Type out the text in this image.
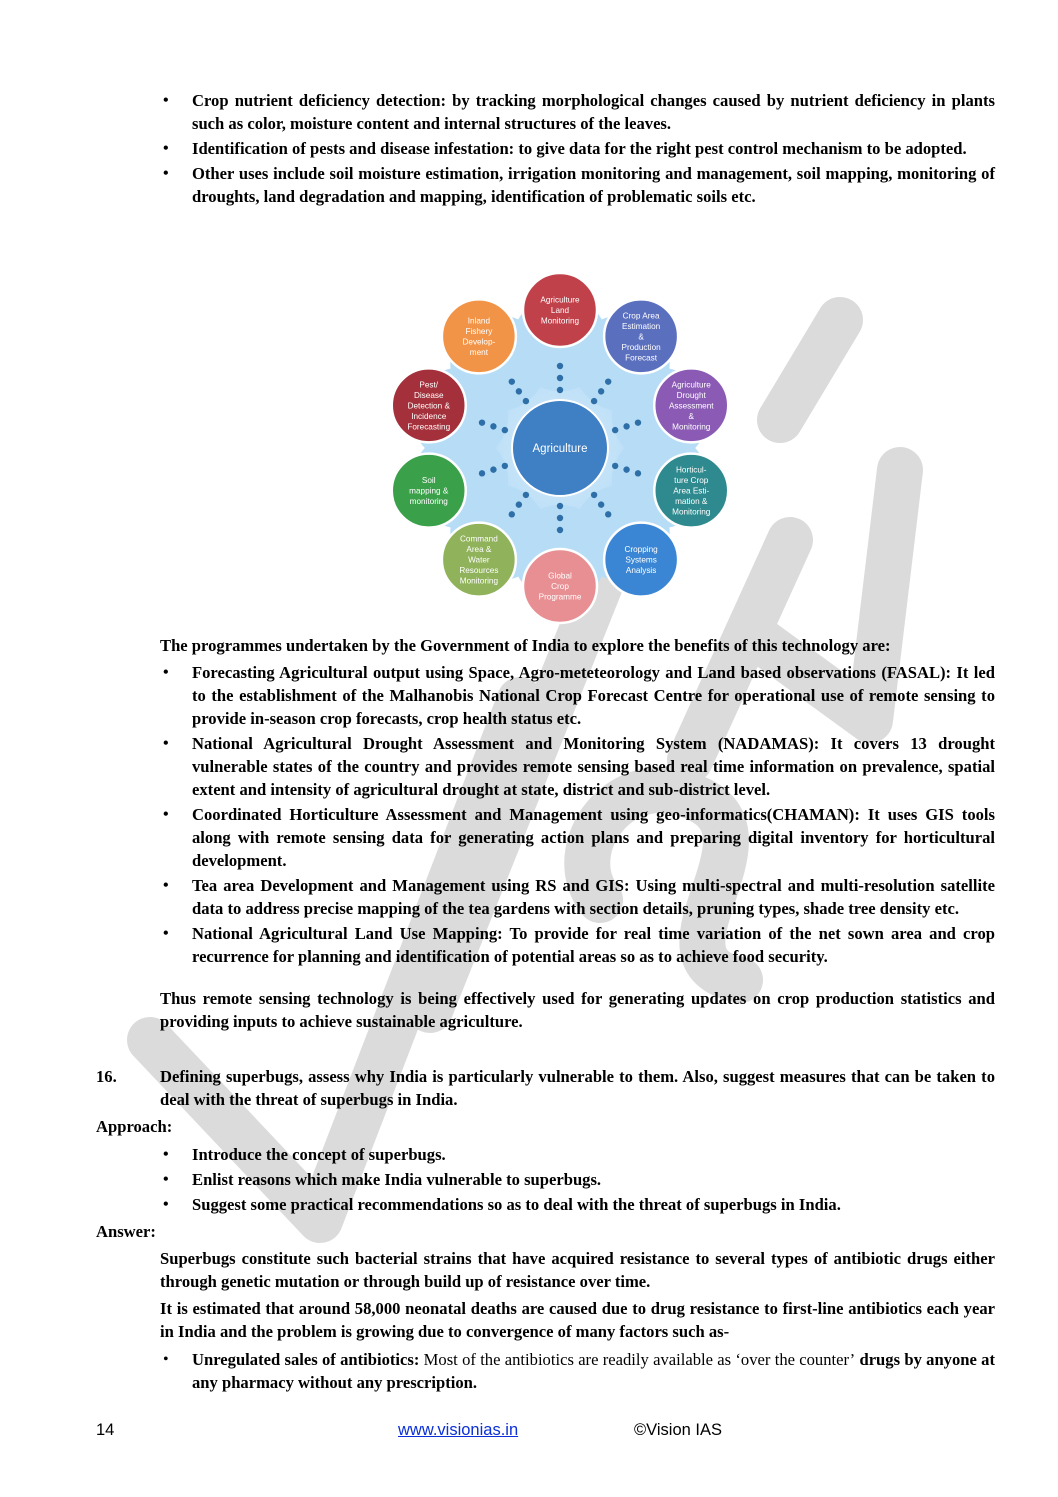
• Crop nutrient deficiency detection: by tracking morphological changes caused by nutrient deficiency in plants such as color, moisture content and internal structures of the leaves.
• Identification of pests and disease infestation: to give data for the right pest control mechanism to be adopted.
• Other uses include soil moisture estimation, irrigation monitoring and management, soil mapping, monitoring of droughts, land degradation and mapping, identification of problematic soils etc.
Agriculture
Agriculture
Land
Monitoring
Crop Area
Estimation
&
Production
Forecast
Agriculture
Drought
Assessment
&
Monitoring
Horticul-
ture Crop
Area Esti-
mation &
Monitoring
Cropping
Systems
Analysis
Global
Crop
Programme
Command
Area &
Water
Resources
Monitoring
Soil
mapping &
monitoring
Pest/
Disease
Detection &
Incidence
Forecasting
Inland
Fishery
Develop-
ment
The programmes undertaken by the Government of India to explore the benefits of this technology are:
• Forecasting Agricultural output using Space, Agro-meteteorology and Land based observations (FASAL): It led to the establishment of the Malhanobis National Crop Forecast Centre for operational use of remote sensing to provide in-season crop forecasts, crop health status etc.
• National Agricultural Drought Assessment and Monitoring System (NADAMAS): It covers 13 drought vulnerable states of the country and provides remote sensing based real time information on prevalence, spatial extent and intensity of agricultural drought at state, district and sub-district level.
• Coordinated Horticulture Assessment and Management using geo-informatics(CHAMAN): It uses GIS tools along with remote sensing data for generating action plans and preparing digital inventory for horticultural development.
• Tea area Development and Management using RS and GIS: Using multi-spectral and multi-resolution satellite data to address precise mapping of the tea gardens with section details, pruning types, shade tree density etc.
• National Agricultural Land Use Mapping: To provide for real time variation of the net sown area and crop recurrence for planning and identification of potential areas so as to achieve food security.
Thus remote sensing technology is being effectively used for generating updates on crop production statistics and providing inputs to achieve sustainable agriculture.
16.	Defining superbugs, assess why India is particularly vulnerable to them. Also, suggest measures that can be taken to deal with the threat of superbugs in India.
Approach:
• Introduce the concept of superbugs.
• Enlist reasons which make India vulnerable to superbugs.
• Suggest some practical recommendations so as to deal with the threat of superbugs in India.
Answer:
Superbugs constitute such bacterial strains that have acquired resistance to several types of antibiotic drugs either through genetic mutation or through build up of resistance over time.
It is estimated that around 58,000 neonatal deaths are caused due to drug resistance to first-line antibiotics each year in India and the problem is growing due to convergence of many factors such as-
• Unregulated sales of antibiotics: Most of the antibiotics are readily available as ‘over the counter’ drugs by anyone at any pharmacy without any prescription.
14	www.visionias.in	©Vision IAS
